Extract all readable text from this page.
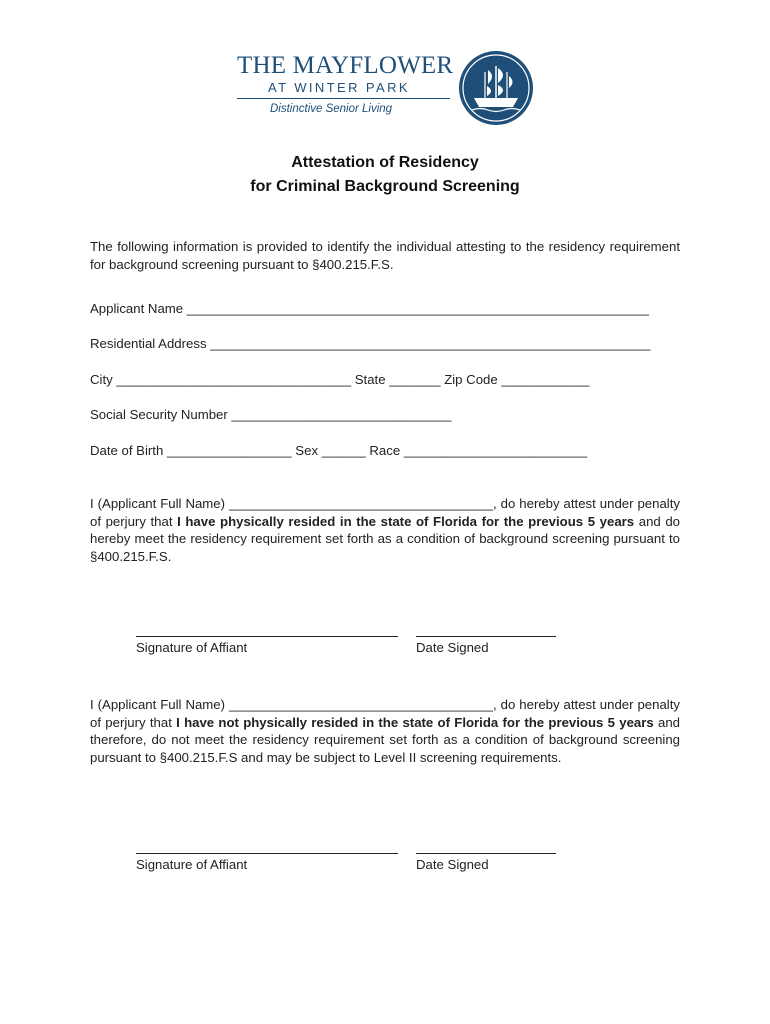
THE MAYFLOWER
AT WINTER PARK
Distinctive Senior Living
Attestation of Residency
for Criminal Background Screening
The following information is provided to identify the individual attesting to the residency requirement for background screening pursuant to §400.215.F.S.
Applicant Name _______________________________________________________________
Residential Address ____________________________________________________________
City ________________________________ State _______ Zip Code ____________
Social Security Number ______________________________
Date of Birth _________________ Sex ______ Race _________________________
I (Applicant Full Name) ____________________________________, do hereby attest under penalty of perjury that I have physically resided in the state of Florida for the previous 5 years and do hereby meet the residency requirement set forth as a condition of background screening pursuant to §400.215.F.S.
Signature of Affiant	Date Signed
I (Applicant Full Name) ____________________________________, do hereby attest under penalty of perjury that I have not physically resided in the state of Florida for the previous 5 years and therefore, do not meet the residency requirement set forth as a condition of background screening pursuant to §400.215.F.S and may be subject to Level II screening requirements.
Signature of Affiant	Date Signed
